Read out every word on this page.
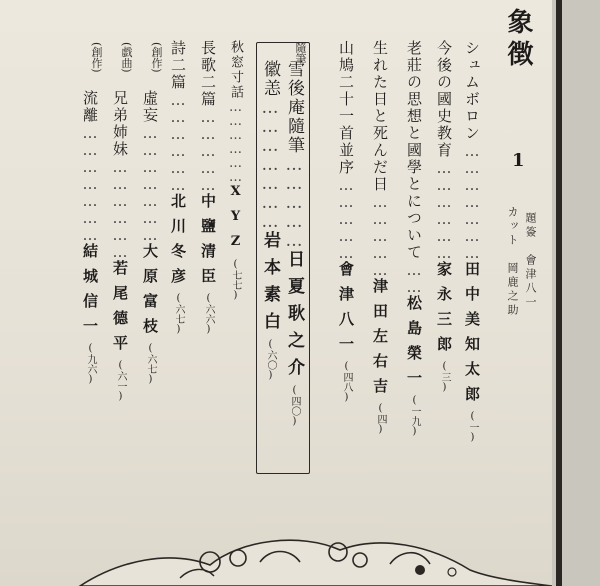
象徴
1
題簽　會津八一
カット　岡鹿之助
シュムボロン…………………田中美知太郎(一)
今後の國史教育………………家永三郎(三)
老莊の思想と國學とについて……松島榮一(一九)
生れた日と死んだ日……………津田左右吉(四)
山鳩二十一首並序……………會津八一(四八)
隨筆
雪後庵隨筆……………日夏耿之介(四〇)
徽恙…………………岩本素白(六〇)
秋窓寸話………………XYZ(七七)
長歌二篇……………中鹽清臣(六六)
詩二篇………………北川冬彦(六七)
(創作)
虛妄…………………大原富枝(六七)
(戯曲)
兄弟姉妹………………若尾德平(六一)
(創作)
流離…………………結城信一(九六)
